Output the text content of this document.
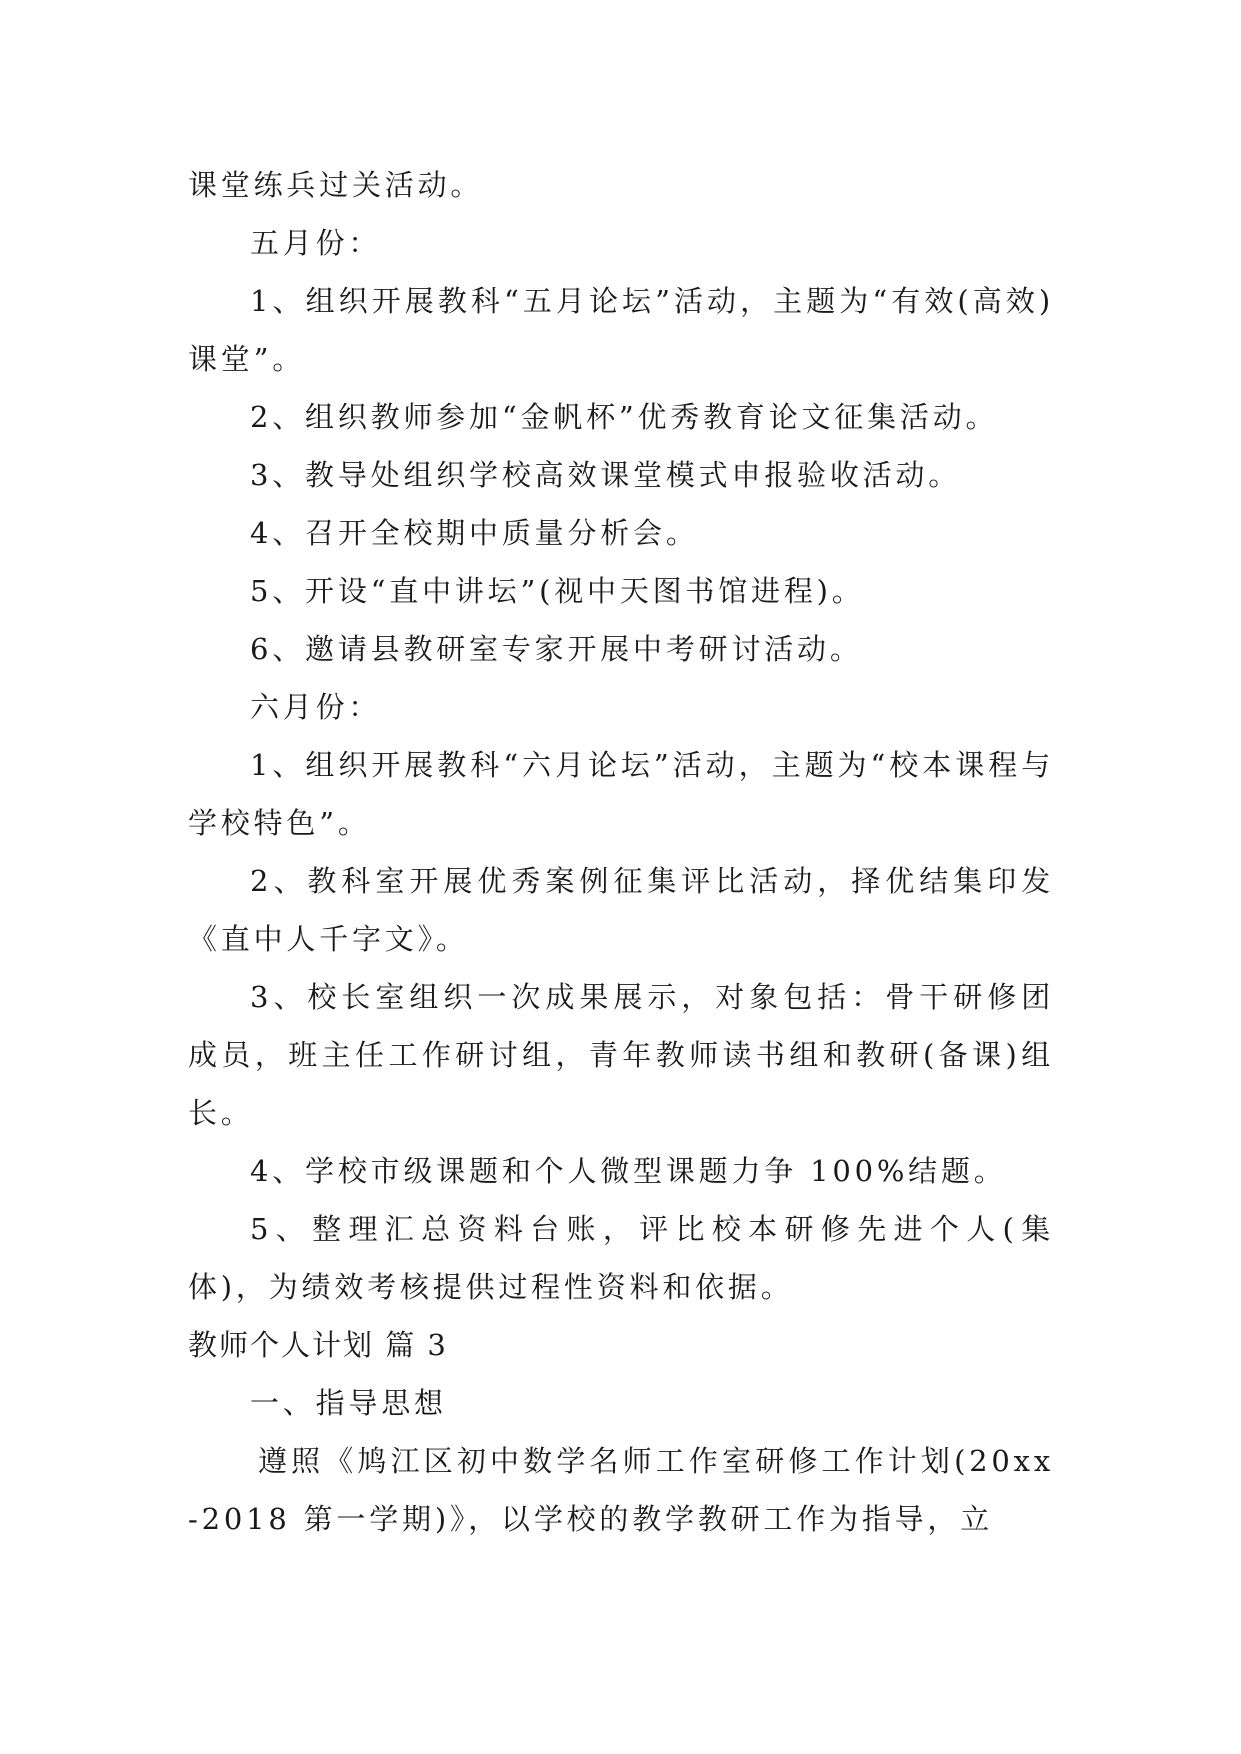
课堂练兵过关活动。

五月份：

1、组织开展教科“五月论坛”活动，主题为“有效(高效)课堂”。

2、组织教师参加“金帆杯”优秀教育论文征集活动。

3、教导处组织学校高效课堂模式申报验收活动。

4、召开全校期中质量分析会。

5、开设“直中讲坛”(视中天图书馆进程)。

6、邀请县教研室专家开展中考研讨活动。

六月份：

1、组织开展教科“六月论坛”活动，主题为“校本课程与学校特色”。

2、教科室开展优秀案例征集评比活动，择优结集印发《直中人千字文》。

3、校长室组织一次成果展示，对象包括：骨干研修团成员，班主任工作研讨组，青年教师读书组和教研(备课)组长。

4、学校市级课题和个人微型课题力争 100%结题。

5、整理汇总资料台账，评比校本研修先进个人(集体)，为绩效考核提供过程性资料和依据。

教师个人计划 篇 3

一、指导思想

遵照《鸠江区初中数学名师工作室研修工作计划(20xx-2018 第一学期)》，以学校的教学教研工作为指导，立
